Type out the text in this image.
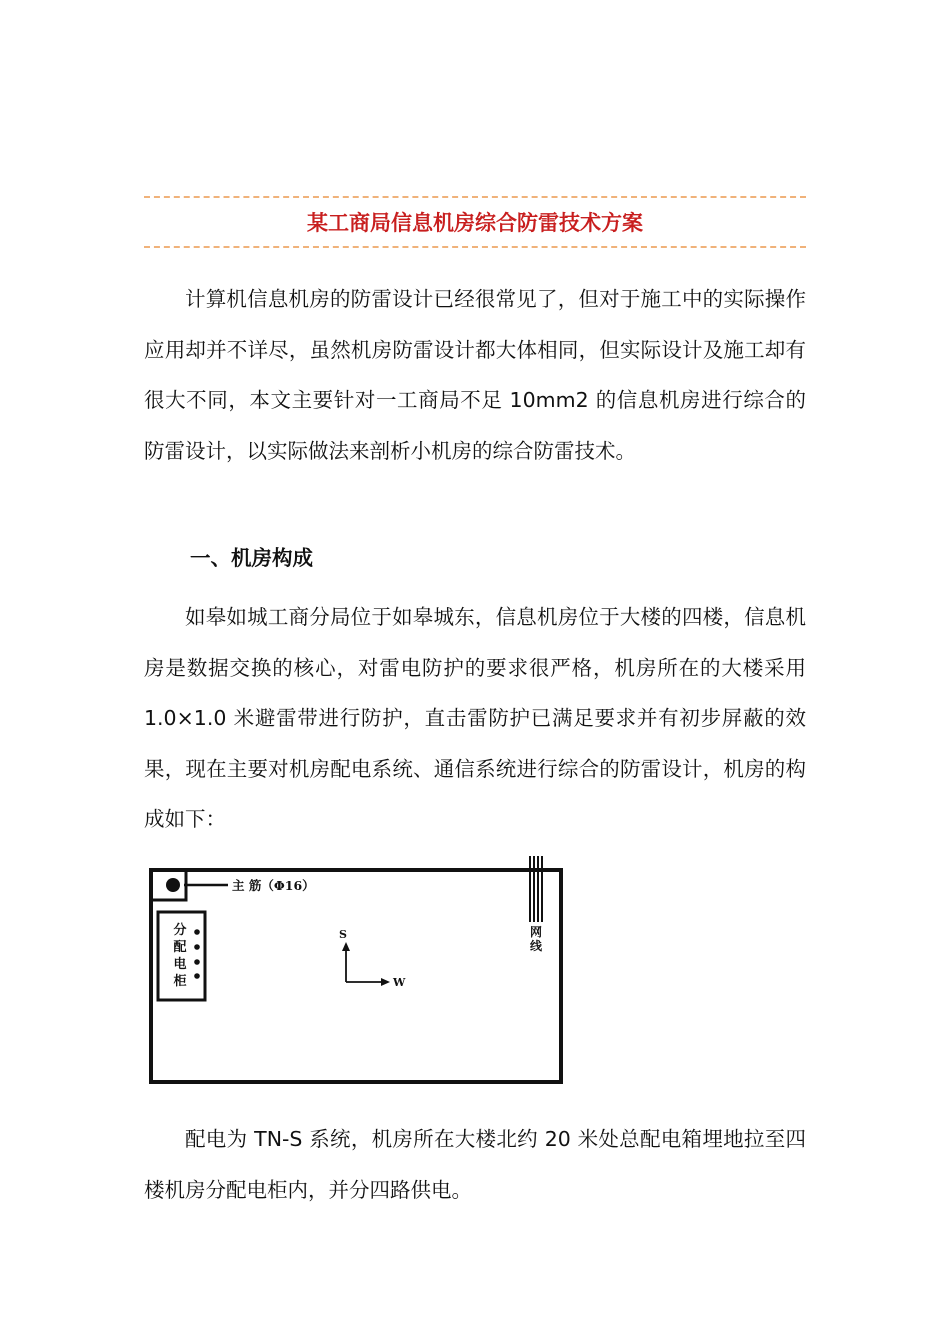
某工商局信息机房综合防雷技术方案

计算机信息机房的防雷设计已经很常见了，但对于施工中的实际操作应用却并不详尽，虽然机房防雷设计都大体相同，但实际设计及施工却有很大不同，本文主要针对一工商局不足 10mm2 的信息机房进行综合的防雷设计，以实际做法来剖析小机房的综合防雷技术。

一、机房构成

如皋如城工商分局位于如皋城东，信息机房位于大楼的四楼，信息机房是数据交换的核心，对雷电防护的要求很严格，机房所在的大楼采用 1.0×1.0 米避雷带进行防护，直击雷防护已满足要求并有初步屏蔽的效果，现在主要对机房配电系统、通信系统进行综合的防雷设计，机房的构成如下：

主 筋（Φ16）
分
配
电
柜
S
W
网
线

配电为 TN-S 系统，机房所在大楼北约 20 米处总配电箱埋地拉至四楼机房分配电柜内，并分四路供电。
